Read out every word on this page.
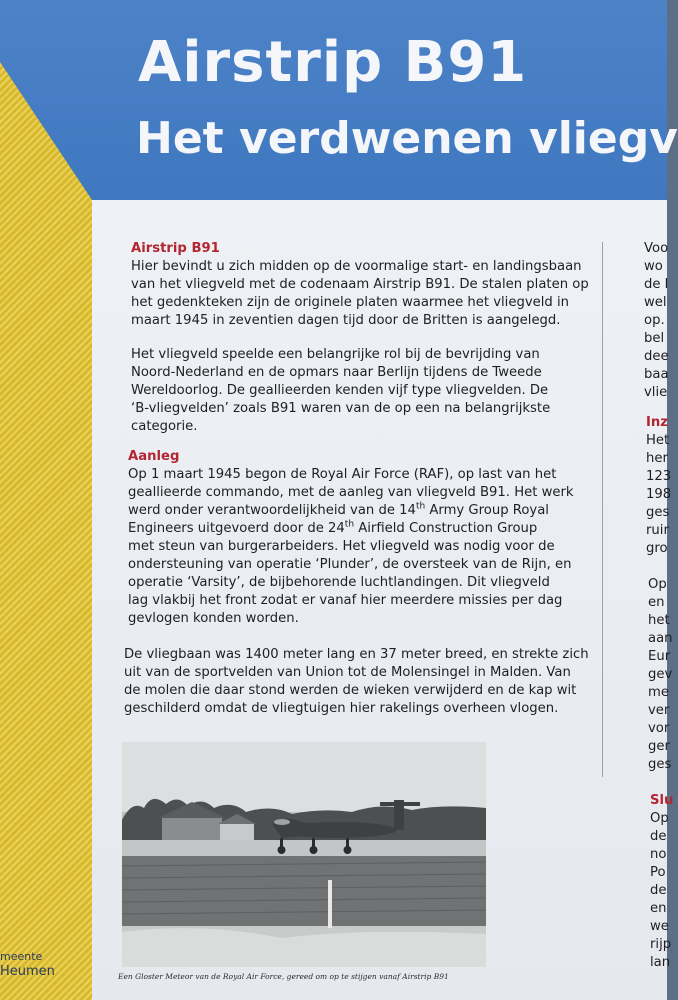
Airstrip B91
Het verdwenen vliegv

Airstrip B91

Hier bevindt u zich midden op de voormalige start- en landingsbaan

van het vliegveld met de codenaam Airstrip B91. De stalen platen op

het gedenkteken zijn de originele platen waarmee het vliegveld in

maart 1945 in zeventien dagen tijd door de Britten is aangelegd.

Het vliegveld speelde een belangrijke rol bij de bevrijding van

Noord-Nederland en de opmars naar Berlijn tijdens de Tweede

Wereldoorlog. De geallieerden kenden vijf type vliegvelden. De

‘B-vliegvelden’ zoals B91 waren van de op een na belangrijkste

categorie.

Aanleg

Op 1 maart 1945 begon de Royal Air Force (RAF), op last van het

geallieerde commando, met de aanleg van vliegveld B91. Het werk

werd onder verantwoordelijkheid van de 14th Army Group Royal

Engineers uitgevoerd door de 24th Airfield Construction Group

met steun van burgerarbeiders. Het vliegveld was nodig voor de

ondersteuning van operatie ‘Plunder’, de oversteek van de Rijn, en

operatie ‘Varsity’, de bijbehorende luchtlandingen. Dit vliegveld

lag vlakbij het front zodat er vanaf hier meerdere missies per dag

gevlogen konden worden.

De vliegbaan was 1400 meter lang en 37 meter breed, en strekte zich

uit van de sportvelden van Union tot de Molensingel in Malden. Van

de molen die daar stond werden de wieken verwijderd en de kap wit

geschilderd omdat de vliegtuigen hier rakelings overheen vlogen.

Voo

wo

de l

wel

op.

bel

dee

baa

vlie

Inz

Het

her

123

198

ges

ruir

gro

Op

en

het

aan

Eur

gev

me

ver

vor

ger

ges

Slu

Op

de

no

Po

de

en

we

rijp

lan

Een Gloster Meteor van de Royal Air Force, gereed om op te stijgen vanaf Airstrip B91

meente
Heumen
